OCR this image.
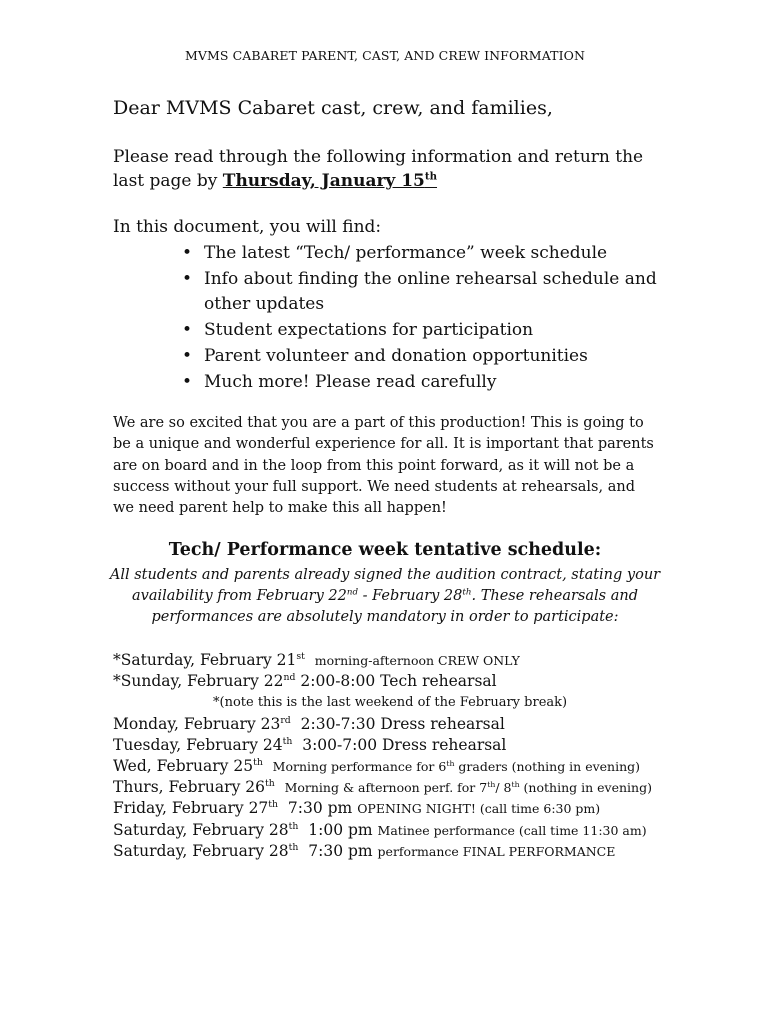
MVMS CABARET PARENT, CAST, AND CREW INFORMATION
Dear MVMS Cabaret cast, crew, and families,
Please read through the following information and return the last page by Thursday, January 15th
In this document, you will find:
• The latest “Tech/ performance” week schedule
• Info about finding the online rehearsal schedule and other updates
• Student expectations for participation
• Parent volunteer and donation opportunities
• Much more! Please read carefully
We are so excited that you are a part of this production! This is going to be a unique and wonderful experience for all. It is important that parents are on board and in the loop from this point forward, as it will not be a success without your full support. We need students at rehearsals, and we need parent help to make this all happen!
Tech/ Performance week tentative schedule:
All students and parents already signed the audition contract, stating your availability from February 22nd - February 28th. These rehearsals and performances are absolutely mandatory in order to participate:
*Saturday, February 21st morning-afternoon CREW ONLY
*Sunday, February 22nd 2:00-8:00 Tech rehearsal
*(note this is the last weekend of the February break)
Monday, February 23rd 2:30-7:30 Dress rehearsal
Tuesday, February 24th 3:00-7:00 Dress rehearsal
Wed, February 25th Morning performance for 6th graders (nothing in evening)
Thurs, February 26th Morning & afternoon perf. for 7th/ 8th (nothing in evening)
Friday, February 27th 7:30 pm OPENING NIGHT! (call time 6:30 pm)
Saturday, February 28th 1:00 pm Matinee performance (call time 11:30 am)
Saturday, February 28th 7:30 pm performance FINAL PERFORMANCE
